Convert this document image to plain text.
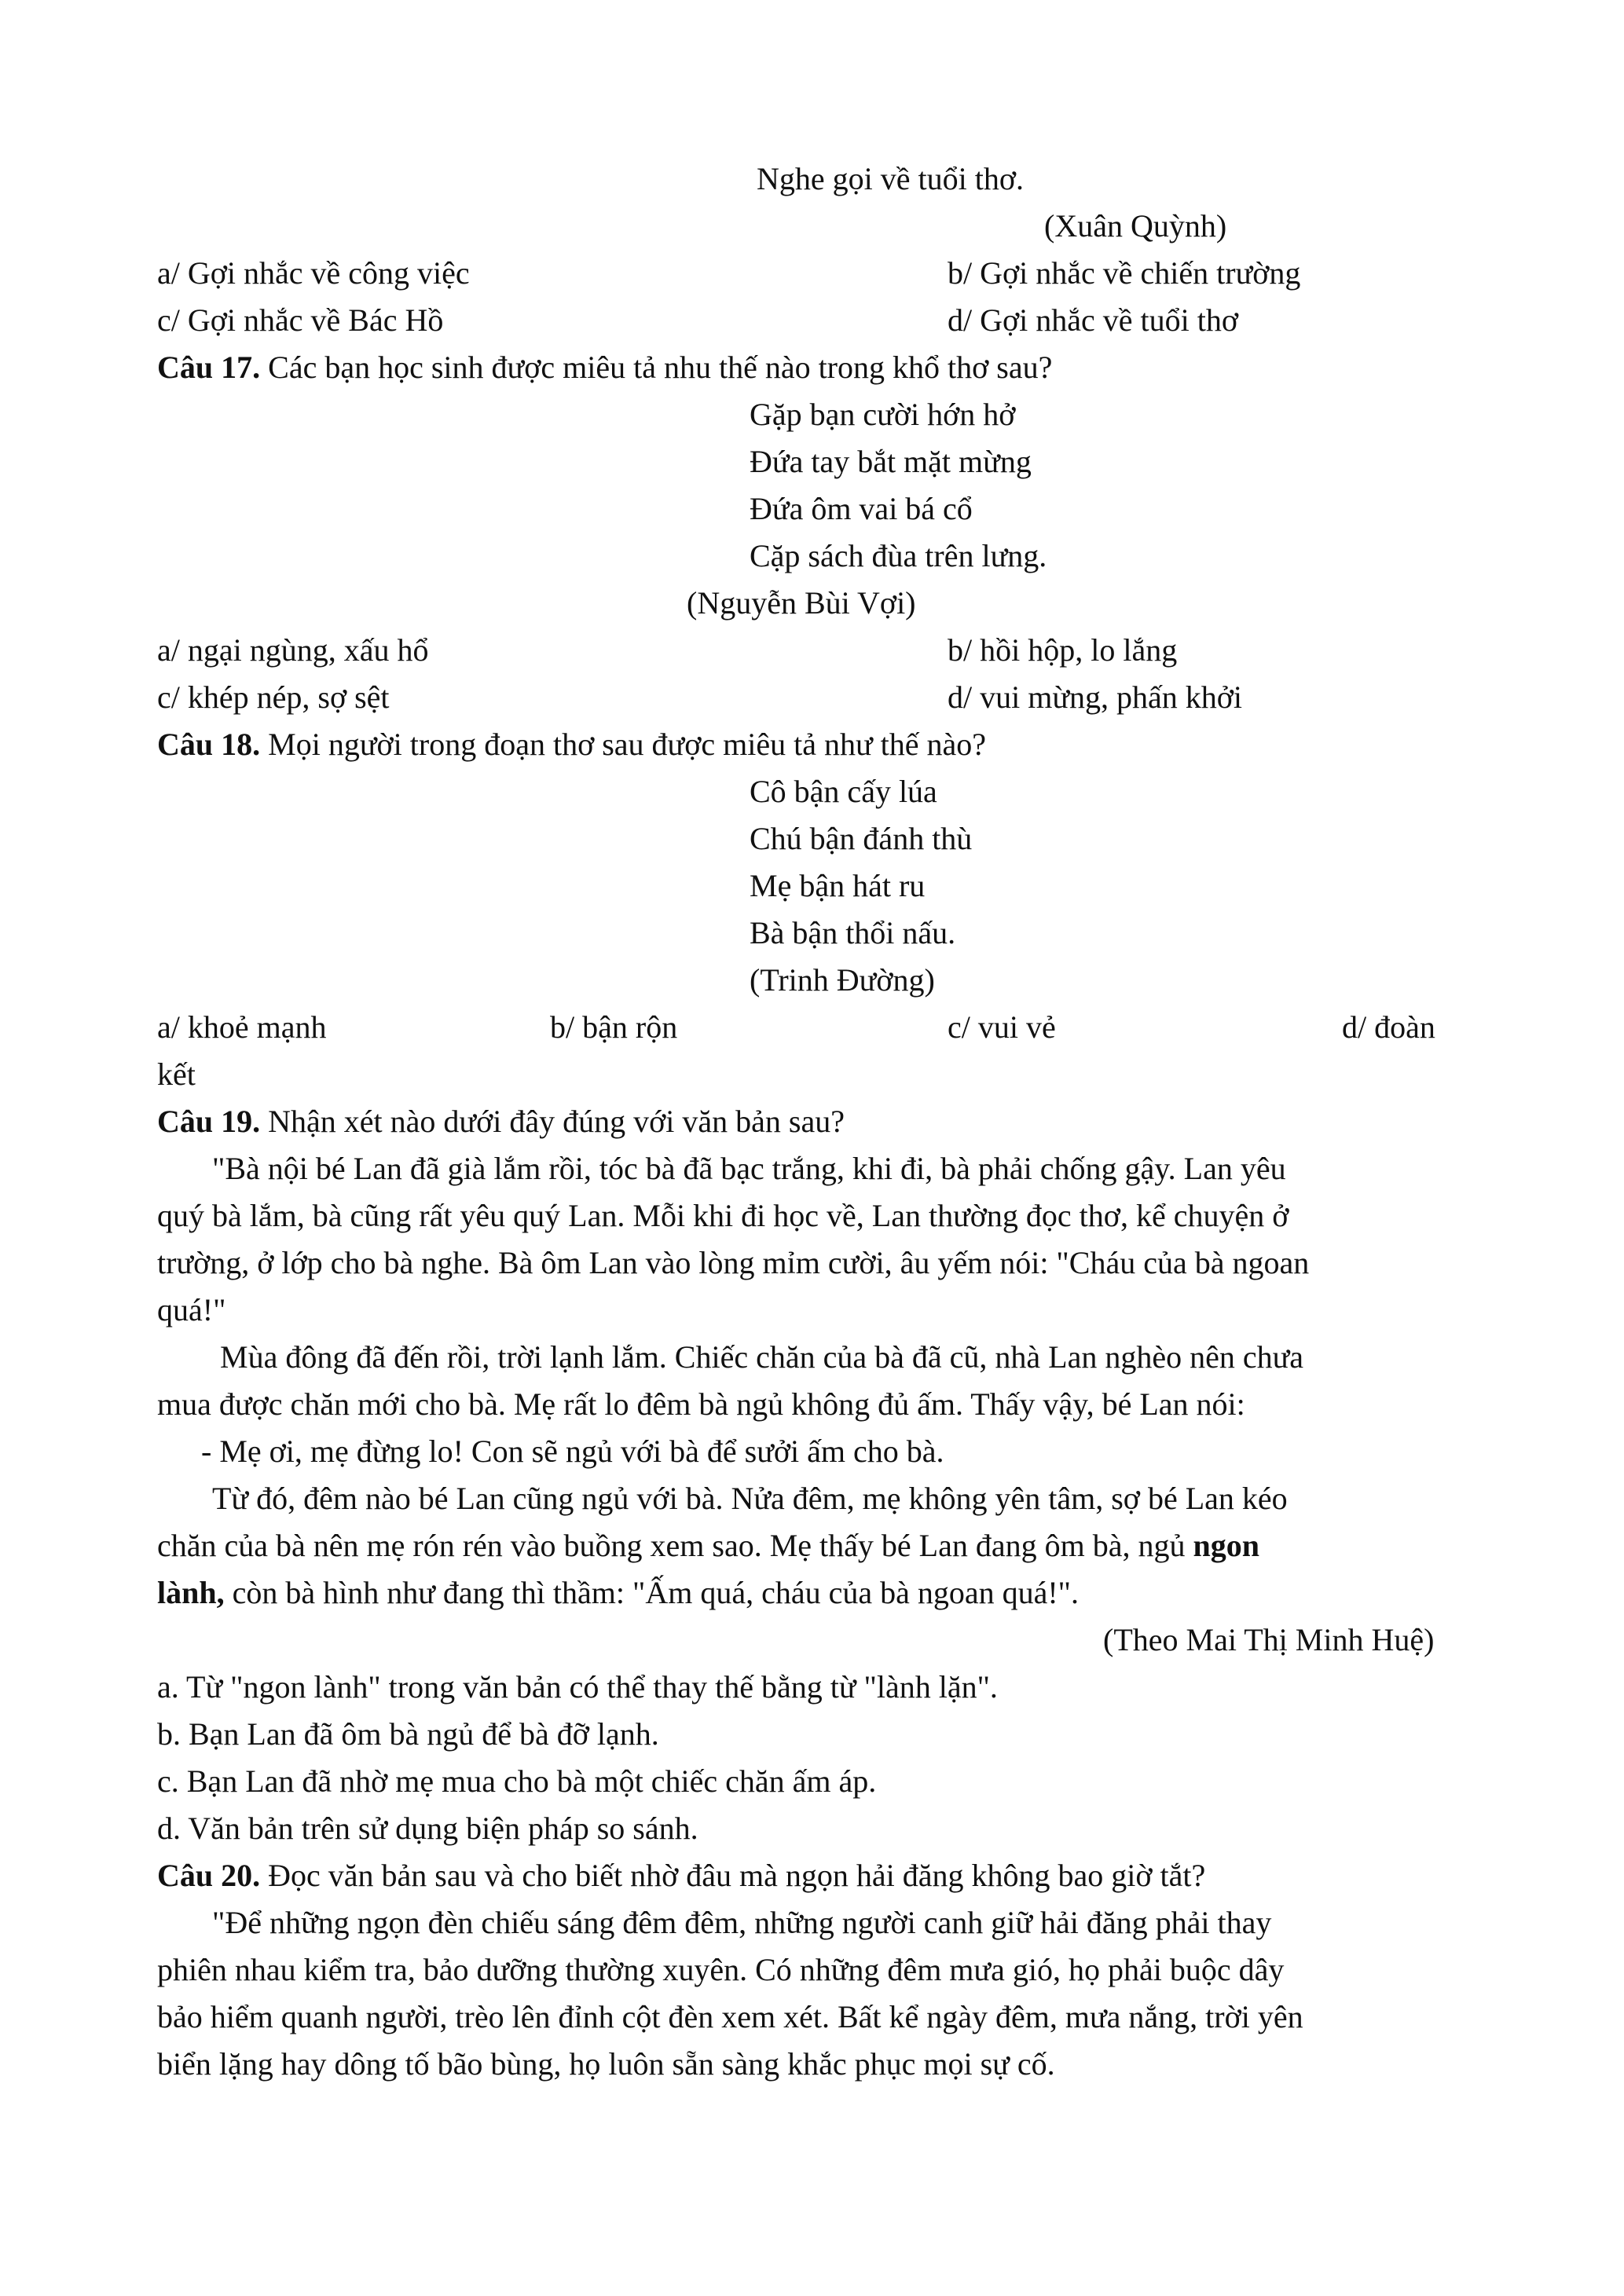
Nghe gọi về tuổi thơ.
(Xuân Quỳnh)
a/ Gợi nhắc về công việc	b/ Gợi nhắc về chiến trường
c/ Gợi nhắc về Bác Hồ	d/ Gợi nhắc về tuổi thơ
Câu 17. Các bạn học sinh được miêu tả nhu thế nào trong khổ thơ sau?
Gặp bạn cười hớn hở
Đứa tay bắt mặt mừng
Đứa ôm vai bá cổ
Cặp sách đùa trên lưng.
(Nguyễn Bùi Vợi)
a/ ngại ngùng, xấu hổ	b/ hồi hộp, lo lắng
c/ khép nép, sợ sệt	d/ vui mừng, phấn khởi
Câu 18. Mọi người trong đoạn thơ sau được miêu tả như thế nào?
Cô bận cấy lúa
Chú bận đánh thù
Mẹ bận hát ru
Bà bận thổi nấu.
(Trinh Đường)
a/ khoẻ mạnh	b/ bận rộn	c/ vui vẻ	d/ đoàn
kết
Câu 19. Nhận xét nào dưới đây đúng với văn bản sau?
"Bà nội bé Lan đã già lắm rồi, tóc bà đã bạc trắng, khi đi, bà phải chống gậy. Lan yêu
quý bà lắm, bà cũng rất yêu quý Lan. Mỗi khi đi học về, Lan thường đọc thơ, kể chuyện ở
trường, ở lớp cho bà nghe. Bà ôm Lan vào lòng mỉm cười, âu yếm nói: "Cháu của bà ngoan
quá!"
Mùa đông đã đến rồi, trời lạnh lắm. Chiếc chăn của bà đã cũ, nhà Lan nghèo nên chưa
mua được chăn mới cho bà. Mẹ rất lo đêm bà ngủ không đủ ấm. Thấy vậy, bé Lan nói:
- Mẹ ơi, mẹ đừng lo! Con sẽ ngủ với bà để sưởi ấm cho bà.
Từ đó, đêm nào bé Lan cũng ngủ với bà. Nửa đêm, mẹ không yên tâm, sợ bé Lan kéo
chăn của bà nên mẹ rón rén vào buồng xem sao. Mẹ thấy bé Lan đang ôm bà, ngủ ngon
lành, còn bà hình như đang thì thầm: "Ấm quá, cháu của bà ngoan quá!".
(Theo Mai Thị Minh Huệ)
a. Từ "ngon lành" trong văn bản có thể thay thế bằng từ "lành lặn".
b. Bạn Lan đã ôm bà ngủ để bà đỡ lạnh.
c. Bạn Lan đã nhờ mẹ mua cho bà một chiếc chăn ấm áp.
d. Văn bản trên sử dụng biện pháp so sánh.
Câu 20. Đọc văn bản sau và cho biết nhờ đâu mà ngọn hải đăng không bao giờ tắt?
"Để những ngọn đèn chiếu sáng đêm đêm, những người canh giữ hải đăng phải thay
phiên nhau kiểm tra, bảo dưỡng thường xuyên. Có những đêm mưa gió, họ phải buộc dây
bảo hiểm quanh người, trèo lên đỉnh cột đèn xem xét. Bất kể ngày đêm, mưa nắng, trời yên
biển lặng hay dông tố bão bùng, họ luôn sẵn sàng khắc phục mọi sự cố.
